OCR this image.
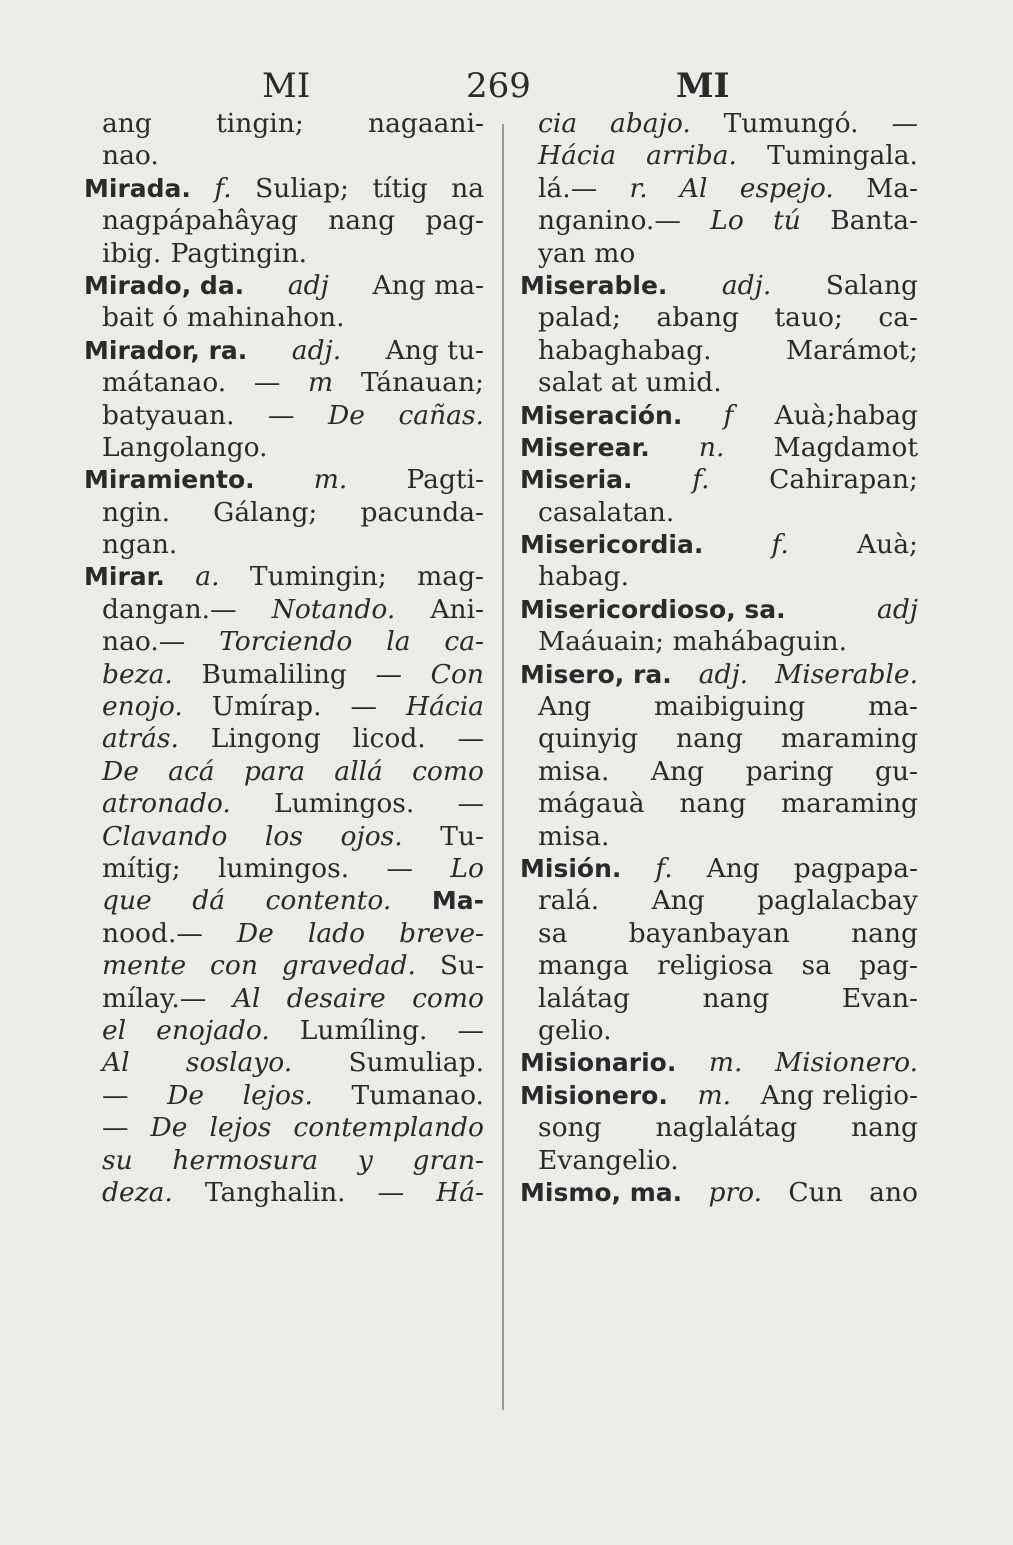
MI	269	MI
ang tingin; nagaani-
nao.
Mirada. f. Suliap; títig na
nagpápahâyag nang pag-
ibig. Pagtingin.
Mirado, da. adj Ang ma-
bait ó mahinahon.
Mirador, ra. adj. Ang tu-
mátanao. — m Tánauan;
batyauan. — De cañas.
Langolango.
Miramiento. m. Pagti-
ngin. Gálang; pacunda-
ngan.
Mirar. a. Tumingin; mag-
dangan.— Notando. Ani-
nao.— Torciendo la ca-
beza. Bumaliling — Con
enojo. Umírap. — Hácia
atrás. Lingong licod. —
De acá para allá como
atronado. Lumingos. —
Clavando los ojos. Tu-
mítig; lumingos. — Lo
que dá contento. Ma-
nood.— De lado breve-
mente con gravedad. Su-
mílay.— Al desaire como
el enojado. Lumíling. —
Al soslayo. Sumuliap.
— De lejos. Tumanao.
— De lejos contemplando
su hermosura y gran-
deza. Tanghalin. — Há-
cia abajo. Tumungó. —
Hácia arriba. Tumingala.
lá.— r. Al espejo. Ma-
nganino.— Lo tú Banta-
yan mo
Miserable. adj. Salang
palad; abang tauo; ca-
habaghabag.	Marámot;
salat at umid.
Miseración. f Auà;habag
Miserear. n. Magdamot
Miseria. f. Cahirapan;
casalatan.
Misericordia.	f.	Auà;
habag.
Misericordioso, sa.	adj
Maáuain; mahábaguin.
Misero, ra. adj. Miserable.
Ang maibiguing ma-
quinyig nang maraming
misa. Ang paring gu-
mágauà nang maraming
misa.
Misión. f. Ang pagpapa-
ralá. Ang paglalacbay
sa bayanbayan nang
manga religiosa sa pag-
lalátag	nang	Evan-
gelio.
Misionario. m. Misionero.
Misionero. m. Ang religio-
song naglalátag nang
Evangelio.
Mismo, ma. pro. Cun ano
